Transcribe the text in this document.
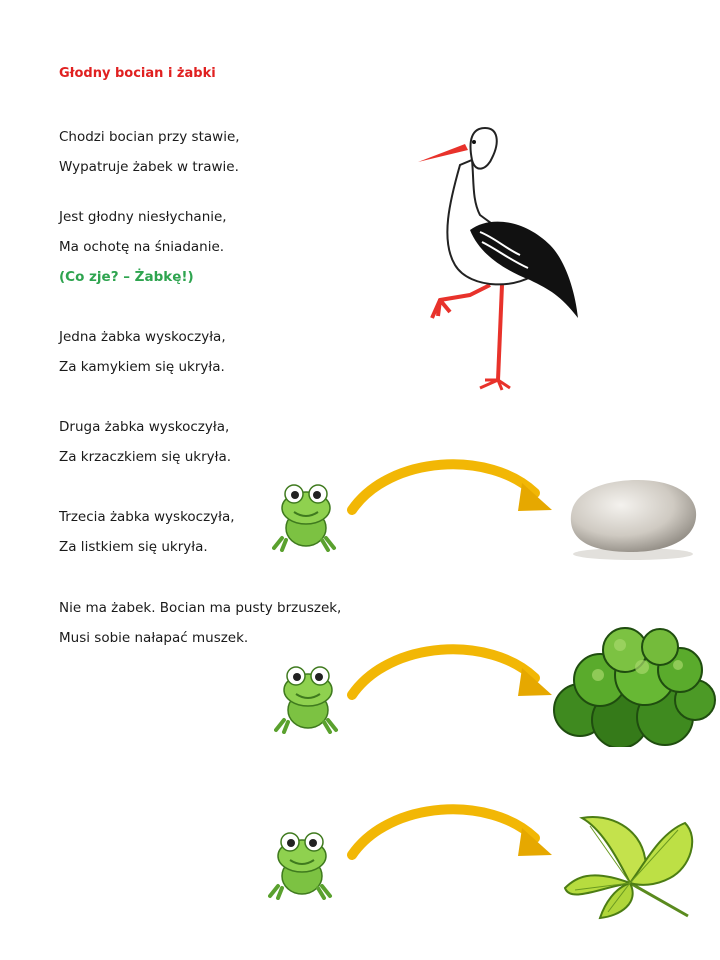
Głodny bocian i żabki
Chodzi bocian przy stawie,
Wypatruje żabek w trawie.
Jest głodny niesłychanie,
Ma ochotę na śniadanie.
(Co zje? – Żabkę!)
Jedna żabka wyskoczyła,
Za kamykiem się ukryła.
Druga żabka wyskoczyła,
Za krzaczkiem się ukryła.
Trzecia żabka wyskoczyła,
Za listkiem się ukryła.
Nie ma żabek. Bocian ma pusty brzuszek,
Musi sobie nałapać muszek.
